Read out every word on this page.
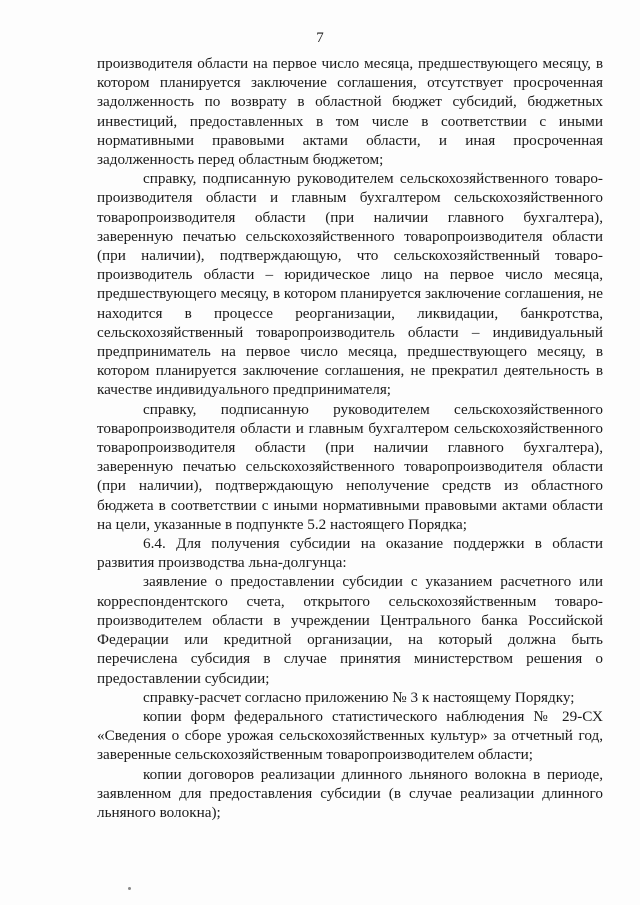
7

производителя области на первое число месяца, предшествующего месяцу, в котором планируется заключение соглашения, отсутствует просроченная задолженность по возврату в областной бюджет субсидий, бюджетных инвестиций, предоставленных в том числе в соответствии с иными нормативными правовыми актами области, и иная просроченная задолженность перед областным бюджетом;

справку, подписанную руководителем сельскохозяйственного товаро-производителя области и главным бухгалтером сельскохозяйственного товаропроизводителя области (при наличии главного бухгалтера), заверенную печатью сельскохозяйственного товаропроизводителя области (при наличии), подтверждающую, что сельскохозяйственный товаро-производитель области – юридическое лицо на первое число месяца, предшествующего месяцу, в котором планируется заключение соглашения, не находится в процессе реорганизации, ликвидации, банкротства, сельскохозяйственный товаропроизводитель области – индивидуальный предприниматель на первое число месяца, предшествующего месяцу, в котором планируется заключение соглашения, не прекратил деятельность в качестве индивидуального предпринимателя;

справку, подписанную руководителем сельскохозяйственного товаропроизводителя области и главным бухгалтером сельскохозяйственного товаропроизводителя области (при наличии главного бухгалтера), заверенную печатью сельскохозяйственного товаропроизводителя области (при наличии), подтверждающую неполучение средств из областного бюджета в соответствии с иными нормативными правовыми актами области на цели, указанные в подпункте 5.2 настоящего Порядка;

6.4. Для получения субсидии на оказание поддержки в области развития производства льна-долгунца:

заявление о предоставлении субсидии с указанием расчетного или корреспондентского счета, открытого сельскохозяйственным товаро-производителем области в учреждении Центрального банка Российской Федерации или кредитной организации, на который должна быть перечислена субсидия в случае принятия министерством решения о предоставлении субсидии;

справку-расчет согласно приложению № 3 к настоящему Порядку;

копии форм федерального статистического наблюдения № 29-СХ «Сведения о сборе урожая сельскохозяйственных культур» за отчетный год, заверенные сельскохозяйственным товаропроизводителем области;

копии договоров реализации длинного льняного волокна в периоде, заявленном для предоставления субсидии (в случае реализации длинного льняного волокна);
